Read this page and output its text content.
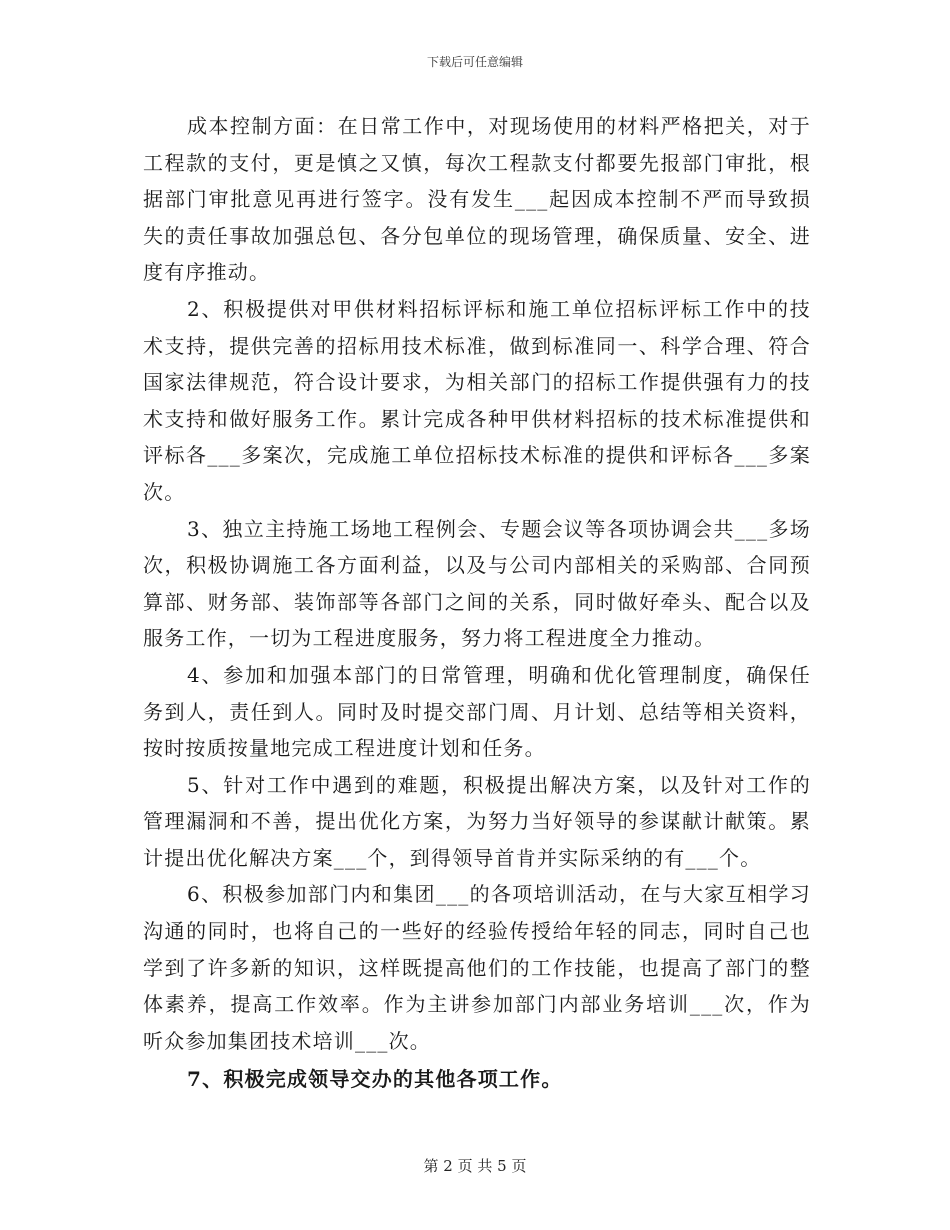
下载后可任意编辑

成本控制方面：在日常工作中，对现场使用的材料严格把关，对于工程款的支付，更是慎之又慎，每次工程款支付都要先报部门审批，根据部门审批意见再进行签字。没有发生___起因成本控制不严而导致损失的责任事故加强总包、各分包单位的现场管理，确保质量、安全、进度有序推动。

2、积极提供对甲供材料招标评标和施工单位招标评标工作中的技术支持，提供完善的招标用技术标准，做到标准同一、科学合理、符合国家法律规范，符合设计要求，为相关部门的招标工作提供强有力的技术支持和做好服务工作。累计完成各种甲供材料招标的技术标准提供和评标各___多案次，完成施工单位招标技术标准的提供和评标各___多案次。

3、独立主持施工场地工程例会、专题会议等各项协调会共___多场次，积极协调施工各方面利益，以及与公司内部相关的采购部、合同预算部、财务部、装饰部等各部门之间的关系，同时做好牵头、配合以及服务工作，一切为工程进度服务，努力将工程进度全力推动。

4、参加和加强本部门的日常管理，明确和优化管理制度，确保任务到人，责任到人。同时及时提交部门周、月计划、总结等相关资料，按时按质按量地完成工程进度计划和任务。

5、针对工作中遇到的难题，积极提出解决方案，以及针对工作的管理漏洞和不善，提出优化方案，为努力当好领导的参谋献计献策。累计提出优化解决方案___个，到得领导首肯并实际采纳的有___个。

6、积极参加部门内和集团___的各项培训活动，在与大家互相学习沟通的同时，也将自己的一些好的经验传授给年轻的同志，同时自己也学到了许多新的知识，这样既提高他们的工作技能，也提高了部门的整体素养，提高工作效率。作为主讲参加部门内部业务培训___次，作为听众参加集团技术培训___次。

7、积极完成领导交办的其他各项工作。

第 2 页 共 5 页
